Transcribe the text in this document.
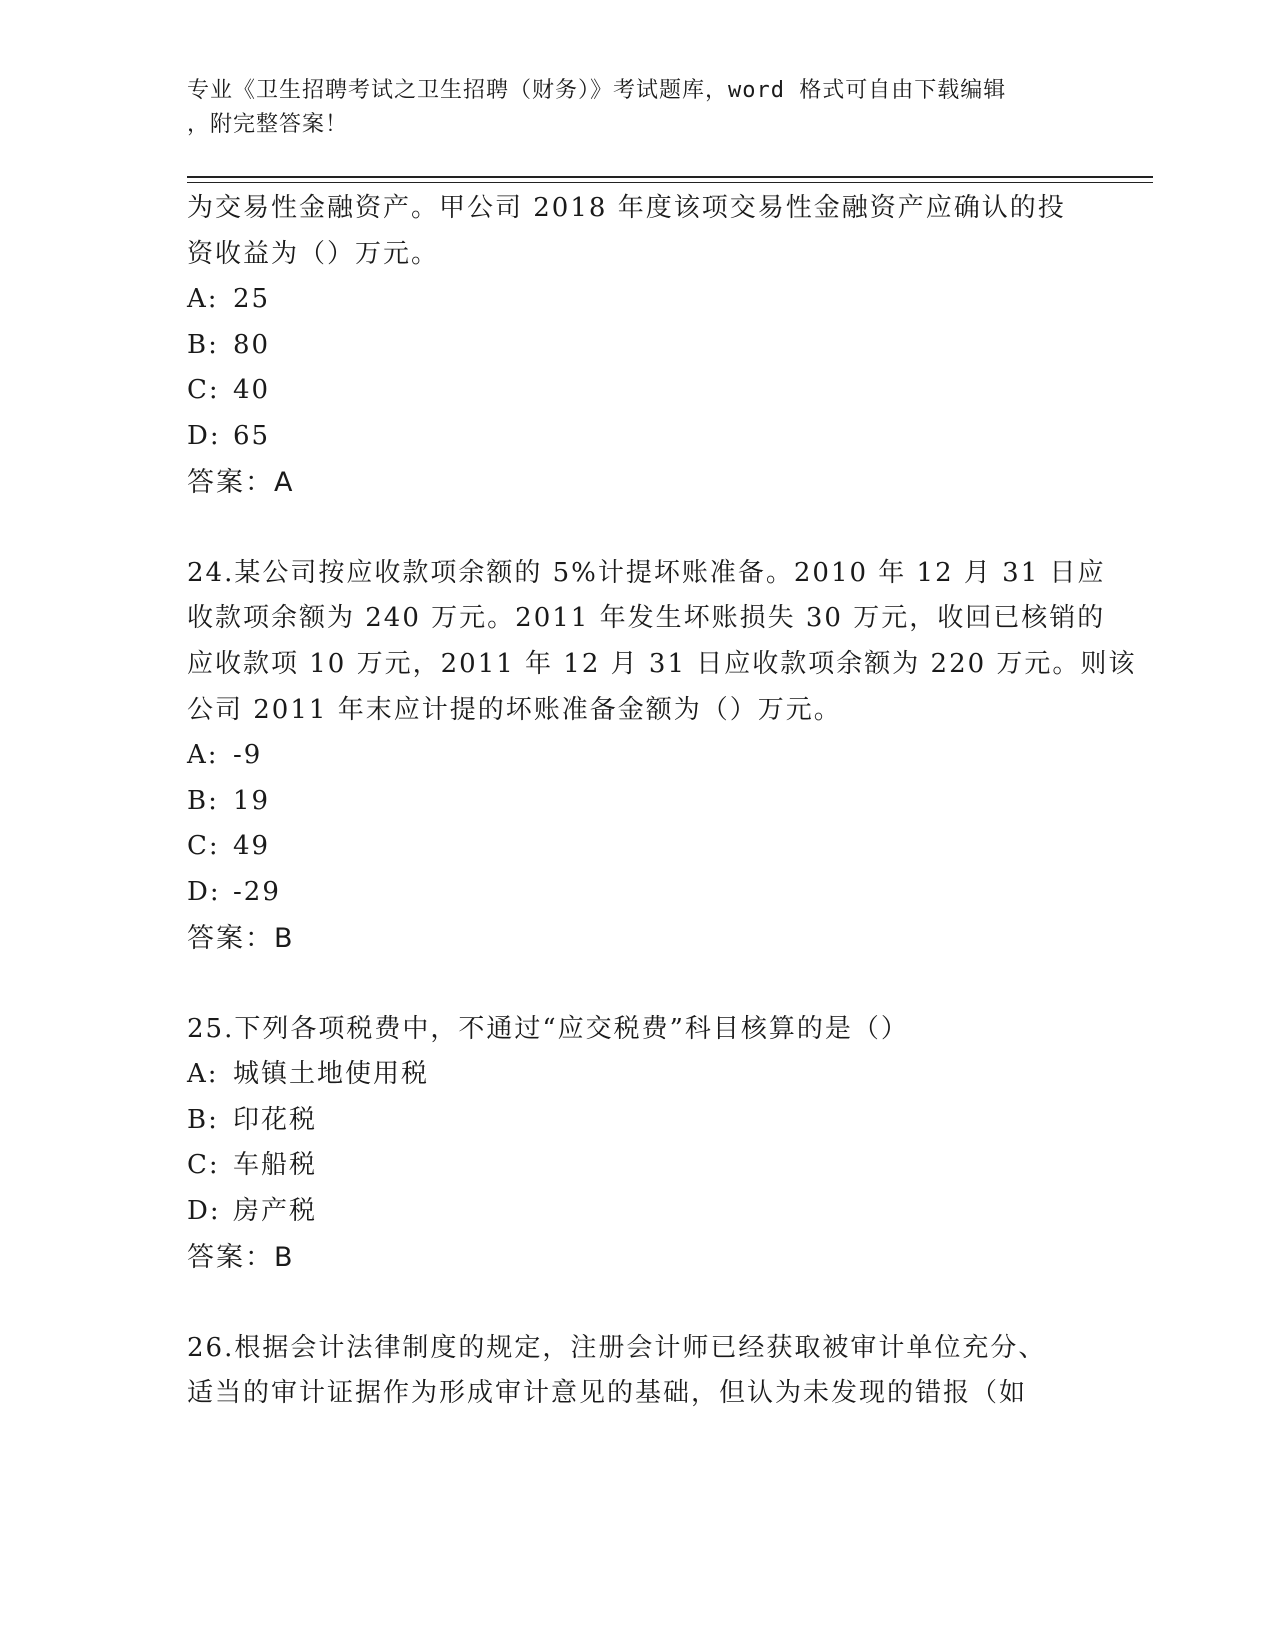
专业《卫生招聘考试之卫生招聘（财务）》考试题库，word 格式可自由下载编辑
，附完整答案！
为交易性金融资产。甲公司 2018 年度该项交易性金融资产应确认的投
资收益为（）万元。
A: 25
B: 80
C: 40
D: 65
答案：A
24.某公司按应收款项余额的 5%计提坏账准备。2010 年 12 月 31 日应
收款项余额为 240 万元。2011 年发生坏账损失 30 万元，收回已核销的
应收款项 10 万元，2011 年 12 月 31 日应收款项余额为 220 万元。则该
公司 2011 年末应计提的坏账准备金额为（）万元。
A: -9
B: 19
C: 49
D: -29
答案：B
25.下列各项税费中，不通过“应交税费”科目核算的是（）
A: 城镇土地使用税
B: 印花税
C: 车船税
D: 房产税
答案：B
26.根据会计法律制度的规定，注册会计师已经获取被审计单位充分、
适当的审计证据作为形成审计意见的基础，但认为未发现的错报（如
